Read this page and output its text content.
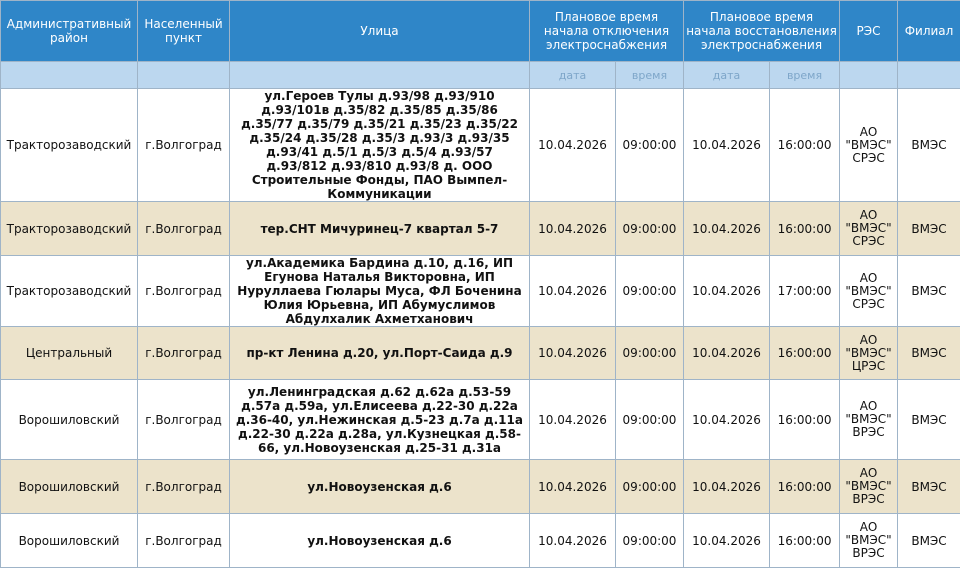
Административный район	Населенный пункт	Улица	Плановое время начала отключения электроснабжения		Плановое время начала восстановления электроснабжения		РЭС	Филиал
			дата	время	дата	время		
Тракторозаводский	г.Волгоград	ул.Героев Тулы д.93/98 д.93/910 д.93/101в д.35/82 д.35/85 д.35/86 д.35/77 д.35/79 д.35/21 д.35/23 д.35/22 д.35/24 д.35/28 д.35/3 д.93/3 д.93/35 д.93/41 д.5/1 д.5/3 д.5/4 д.93/57 д.93/812 д.93/810 д.93/8 д. ООО Строительные Фонды, ПАО Вымпел-Коммуникации	10.04.2026	09:00:00	10.04.2026	16:00:00	АО "ВМЭС" СРЭС	ВМЭС
Тракторозаводский	г.Волгоград	тер.СНТ Мичуринец-7 квартал 5-7	10.04.2026	09:00:00	10.04.2026	16:00:00	АО "ВМЭС" СРЭС	ВМЭС
Тракторозаводский	г.Волгоград	ул.Академика Бардина д.10, д.16, ИП Егунова Наталья Викторовна, ИП Нуруллаева Гюлары Муса, ФЛ Боченина Юлия Юрьевна, ИП Абумуслимов Абдулхалик Ахметханович	10.04.2026	09:00:00	10.04.2026	17:00:00	АО "ВМЭС" СРЭС	ВМЭС
Центральный	г.Волгоград	пр-кт Ленина д.20, ул.Порт-Саида д.9	10.04.2026	09:00:00	10.04.2026	16:00:00	АО "ВМЭС" ЦРЭС	ВМЭС
Ворошиловский	г.Волгоград	ул.Ленинградская д.62 д.62а д.53-59 д.57а д.59а, ул.Елисеева д.22-30 д.22а д.36-40, ул.Нежинская д.5-23 д.7а д.11а д.22-30 д.22а д.28а, ул.Кузнецкая д.58-66, ул.Новоузенская д.25-31 д.31а	10.04.2026	09:00:00	10.04.2026	16:00:00	АО "ВМЭС" ВРЭС	ВМЭС
Ворошиловский	г.Волгоград	ул.Новоузенская д.6	10.04.2026	09:00:00	10.04.2026	16:00:00	АО "ВМЭС" ВРЭС	ВМЭС
Ворошиловский	г.Волгоград	ул.Новоузенская д.6	10.04.2026	09:00:00	10.04.2026	16:00:00	АО "ВМЭС" ВРЭС	ВМЭС
